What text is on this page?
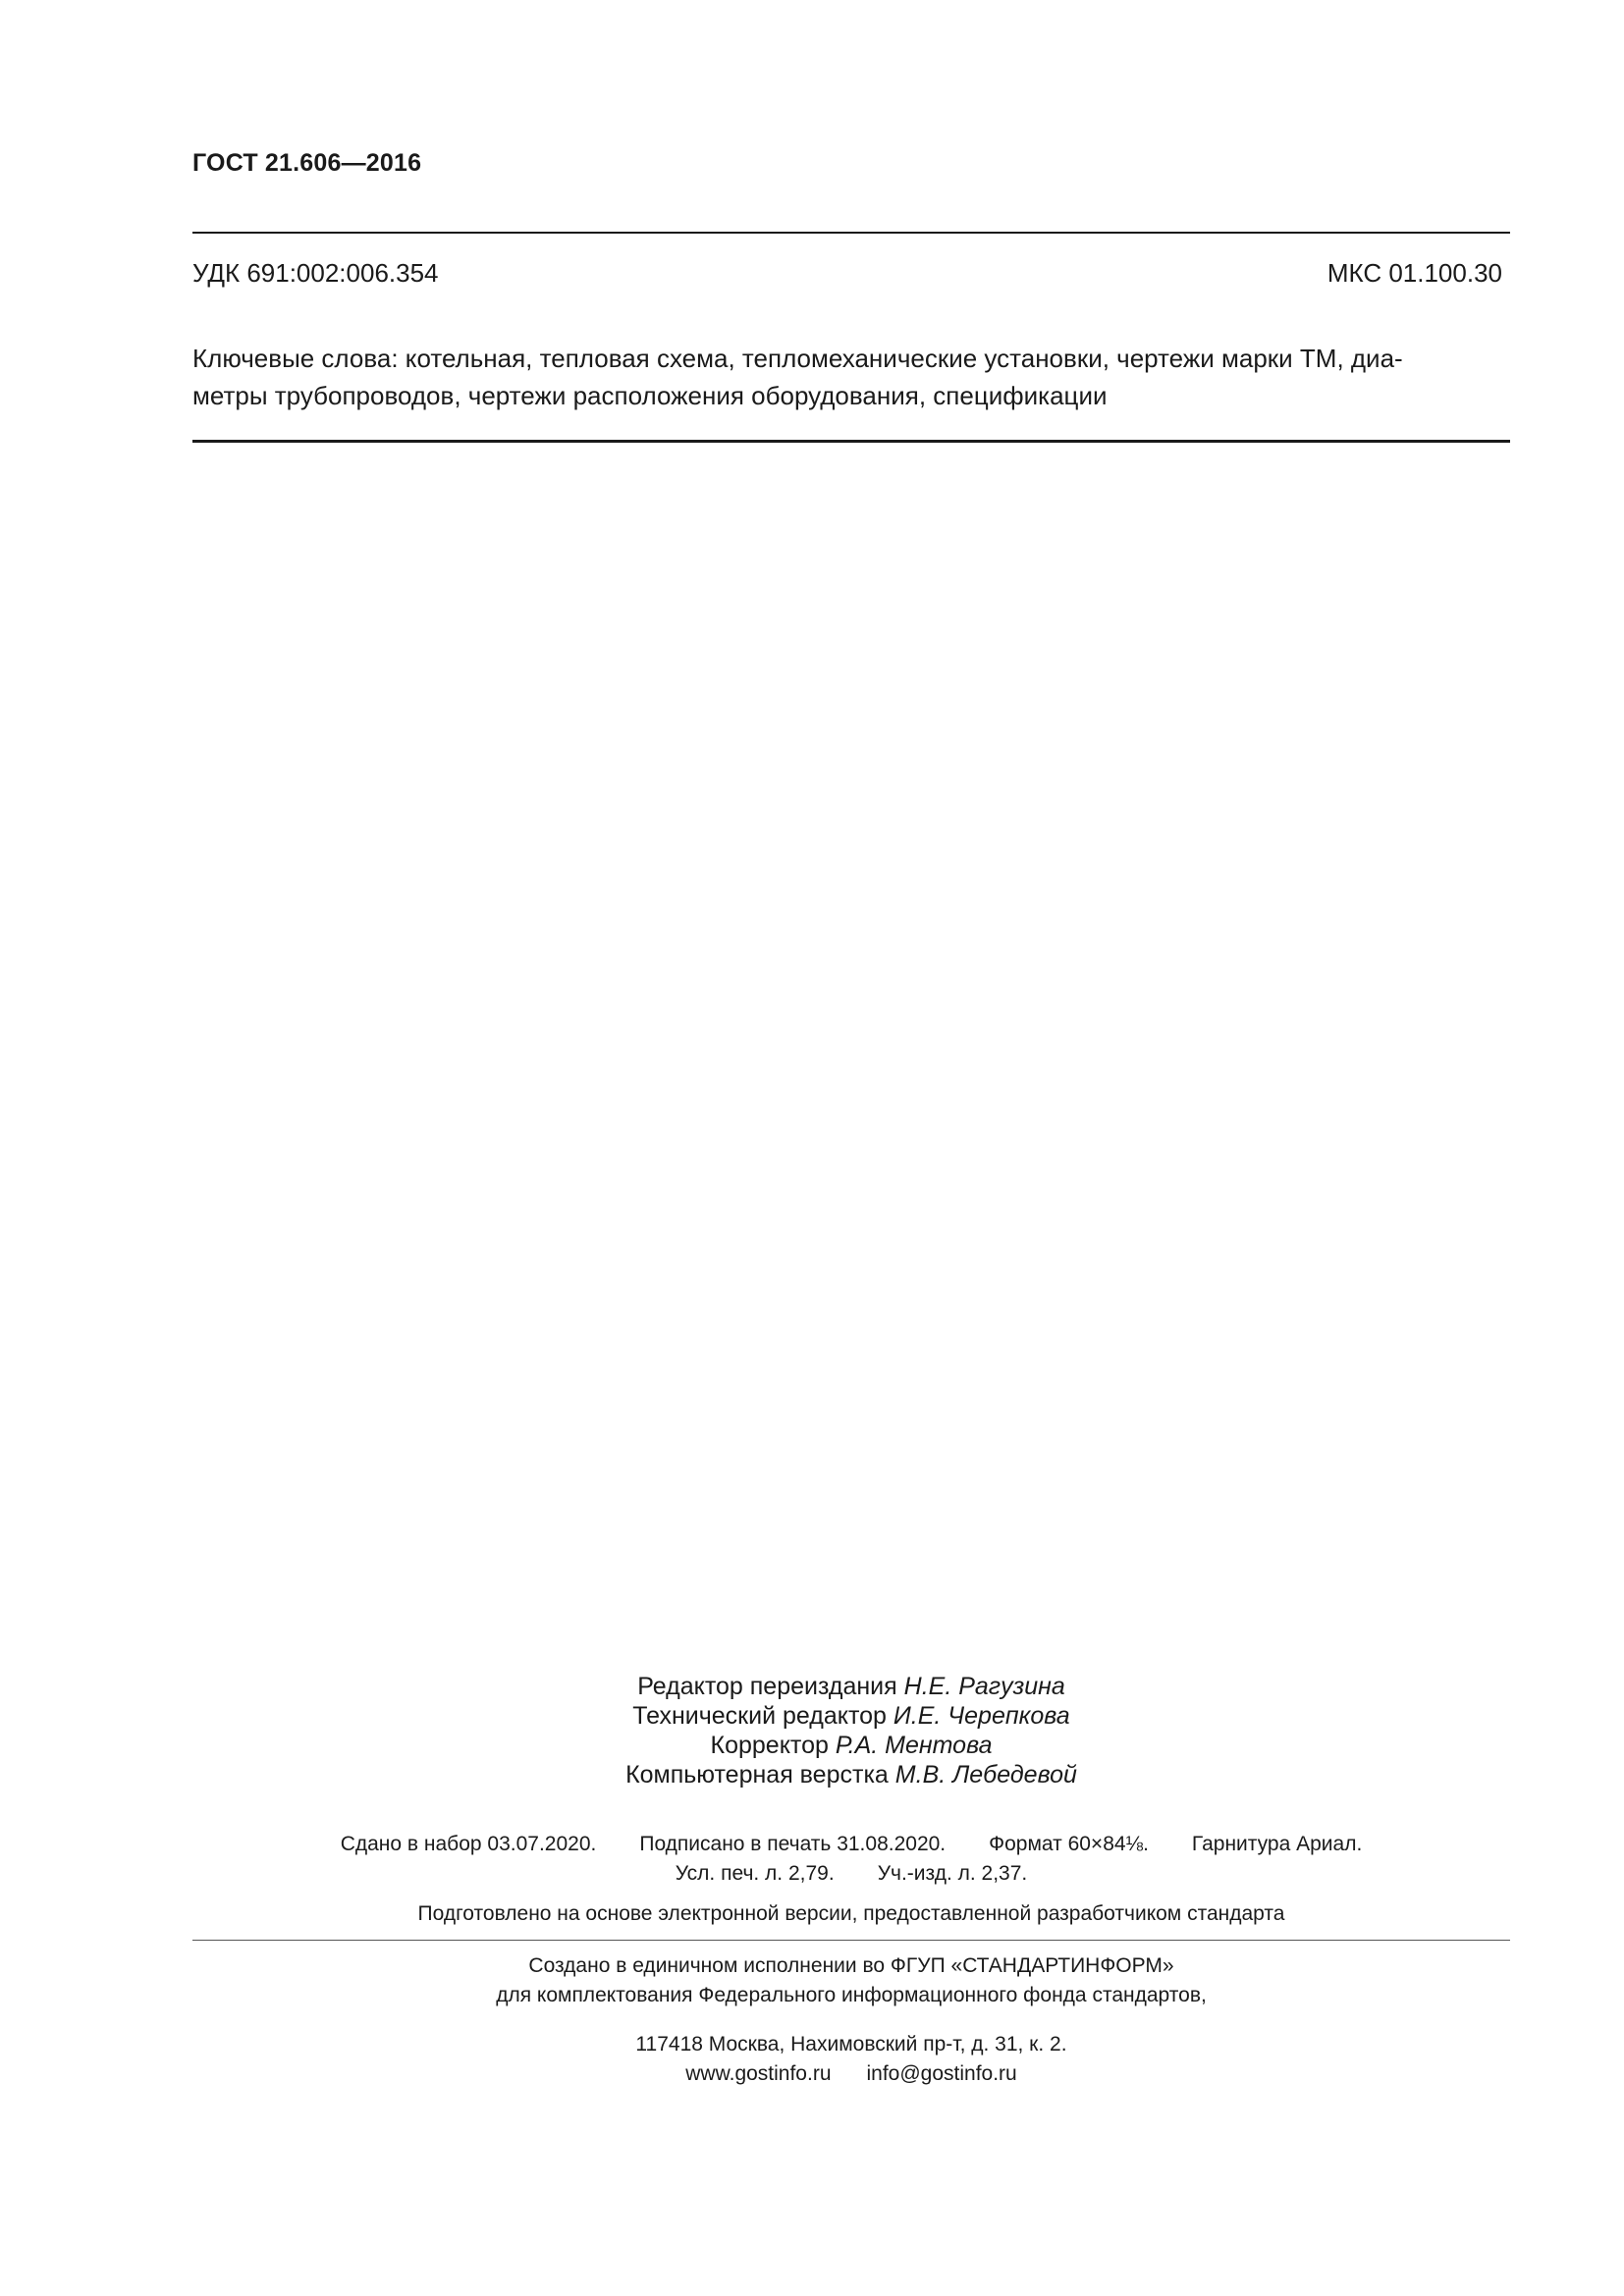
ГОСТ 21.606—2016
УДК 691:002:006.354	МКС 01.100.30
Ключевые слова: котельная, тепловая схема, тепломеханические установки, чертежи марки ТМ, диа-
метры трубопроводов, чертежи расположения оборудования, спецификации
Редактор переиздания Н.Е. Рагузина
Технический редактор И.Е. Черепкова
Корректор Р.А. Ментова
Компьютерная верстка М.В. Лебедевой
Сдано в набор 03.07.2020. Подписано в печать 31.08.2020. Формат 60×84⅛. Гарнитура Ариал.
Усл. печ. л. 2,79. Уч.-изд. л. 2,37.
Подготовлено на основе электронной версии, предоставленной разработчиком стандарта
Создано в единичном исполнении во ФГУП «СТАНДАРТИНФОРМ»
для комплектования Федерального информационного фонда стандартов,
117418 Москва, Нахимовский пр-т, д. 31, к. 2.
www.gostinfo.ru info@gostinfo.ru
